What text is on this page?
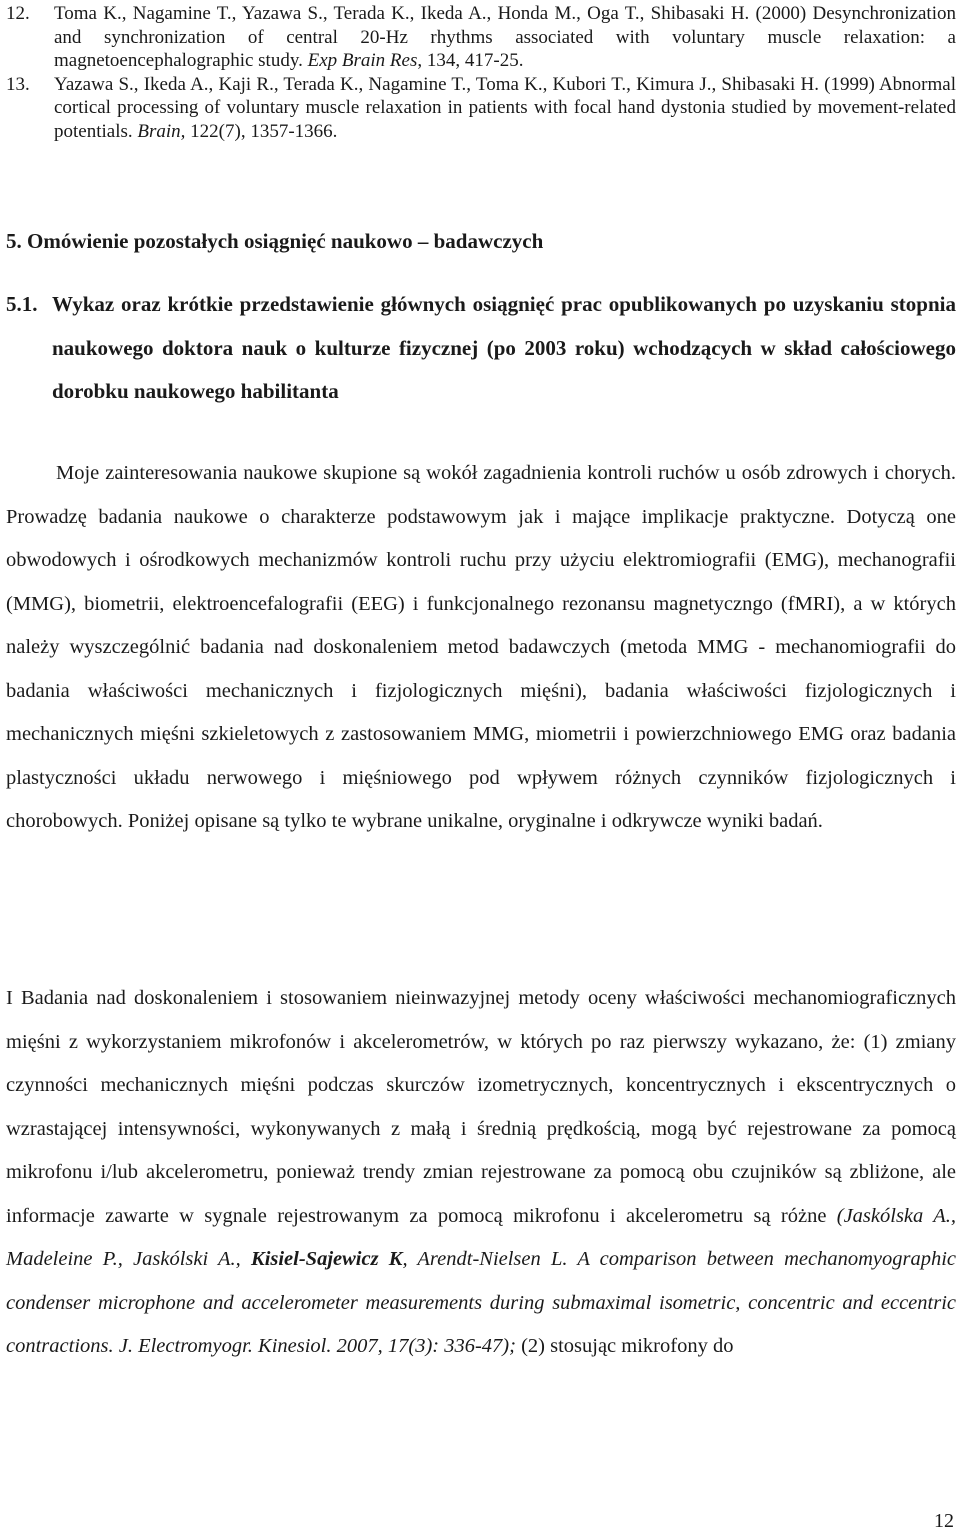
12.	Toma K., Nagamine T., Yazawa S., Terada K., Ikeda A., Honda M., Oga T., Shibasaki H. (2000) Desynchronization and synchronization of central 20-Hz rhythms associated with voluntary muscle relaxation: a magnetoencephalographic study. Exp Brain Res, 134, 417-25.
13.	Yazawa S., Ikeda A., Kaji R., Terada K., Nagamine T., Toma K., Kubori T., Kimura J., Shibasaki H. (1999) Abnormal cortical processing of voluntary muscle relaxation in patients with focal hand dystonia studied by movement-related potentials. Brain, 122(7), 1357-1366.
5. Omówienie pozostałych osiągnięć naukowo – badawczych
5.1. Wykaz oraz krótkie przedstawienie głównych osiągnięć prac opublikowanych po uzyskaniu stopnia naukowego doktora nauk o kulturze fizycznej (po 2003 roku) wchodzących w skład całościowego dorobku naukowego habilitanta

Moje zainteresowania naukowe skupione są wokół zagadnienia kontroli ruchów u osób zdrowych i chorych. Prowadzę badania naukowe o charakterze podstawowym jak i mające implikacje praktyczne. Dotyczą one obwodowych i ośrodkowych mechanizmów kontroli ruchu przy użyciu elektromiografii (EMG), mechanografii (MMG), biometrii, elektroencefalografii (EEG) i funkcjonalnego rezonansu magnetyczngo (fMRI), a w których należy wyszczególnić badania nad doskonaleniem metod badawczych (metoda MMG - mechanomiografii do badania właściwości mechanicznych i fizjologicznych mięśni), badania właściwości fizjologicznych i mechanicznych mięśni szkieletowych z zastosowaniem MMG, miometrii i powierzchniowego EMG oraz badania plastyczności układu nerwowego i mięśniowego pod wpływem różnych czynników fizjologicznych i chorobowych. Poniżej opisane są tylko te wybrane unikalne, oryginalne i odkrywcze wyniki badań.

I Badania nad doskonaleniem i stosowaniem nieinwazyjnej metody oceny właściwości mechanomiograficznych mięśni z wykorzystaniem mikrofonów i akcelerometrów, w których po raz pierwszy wykazano, że: (1) zmiany czynności mechanicznych mięśni podczas skurczów izometrycznych, koncentrycznych i ekscentrycznych o wzrastającej intensywności, wykonywanych z małą i średnią prędkością, mogą być rejestrowane za pomocą mikrofonu i/lub akcelerometru, ponieważ trendy zmian rejestrowane za pomocą obu czujników są zbliżone, ale informacje zawarte w sygnale rejestrowanym za pomocą mikrofonu i akcelerometru są różne (Jaskólska A., Madeleine P., Jaskólski A., Kisiel-Sajewicz K, Arendt-Nielsen L. A comparison between mechanomyographic condenser microphone and accelerometer measurements during submaximal isometric, concentric and eccentric contractions. J. Electromyogr. Kinesiol. 2007, 17(3): 336-47); (2) stosując mikrofony do

12
